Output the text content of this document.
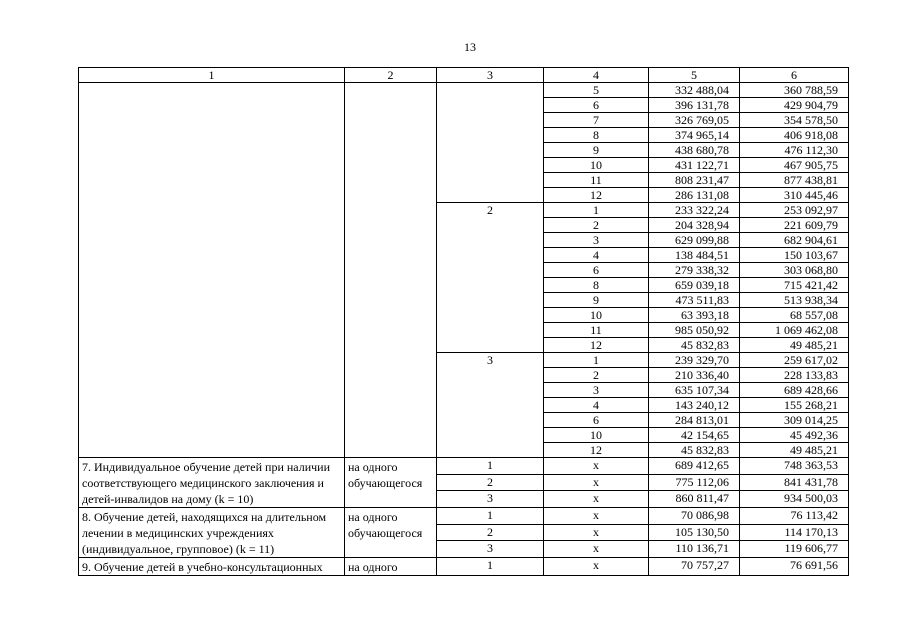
13
1	2	3	4	5	6
			5	332 488,04	360 788,59
			6	396 131,78	429 904,79
			7	326 769,05	354 578,50
			8	374 965,14	406 918,08
			9	438 680,78	476 112,30
			10	431 122,71	467 905,75
			11	808 231,47	877 438,81
			12	286 131,08	310 445,46
		2	1	233 322,24	253 092,97
			2	204 328,94	221 609,79
			3	629 099,88	682 904,61
			4	138 484,51	150 103,67
			6	279 338,32	303 068,80
			8	659 039,18	715 421,42
			9	473 511,83	513 938,34
			10	63 393,18	68 557,08
			11	985 050,92	1 069 462,08
			12	45 832,83	49 485,21
		3	1	239 329,70	259 617,02
			2	210 336,40	228 133,83
			3	635 107,34	689 428,66
			4	143 240,12	155 268,21
			6	284 813,01	309 014,25
			10	42 154,65	45 492,36
			12	45 832,83	49 485,21
7. Индивидуальное обучение детей при наличии соответствующего медицинского заключения и детей-инвалидов на дому (k = 10)	на одного обучающегося	1	x	689 412,65	748 363,53
		2	x	775 112,06	841 431,78
		3	x	860 811,47	934 500,03
8. Обучение детей, находящихся на длительном лечении в медицинских учреждениях (индивидуальное, групповое) (k = 11)	на одного обучающегося	1	x	70 086,98	76 113,42
		2	x	105 130,50	114 170,13
		3	x	110 136,71	119 606,77
9. Обучение детей в учебно-консультационных	на одного	1	x	70 757,27	76 691,56
